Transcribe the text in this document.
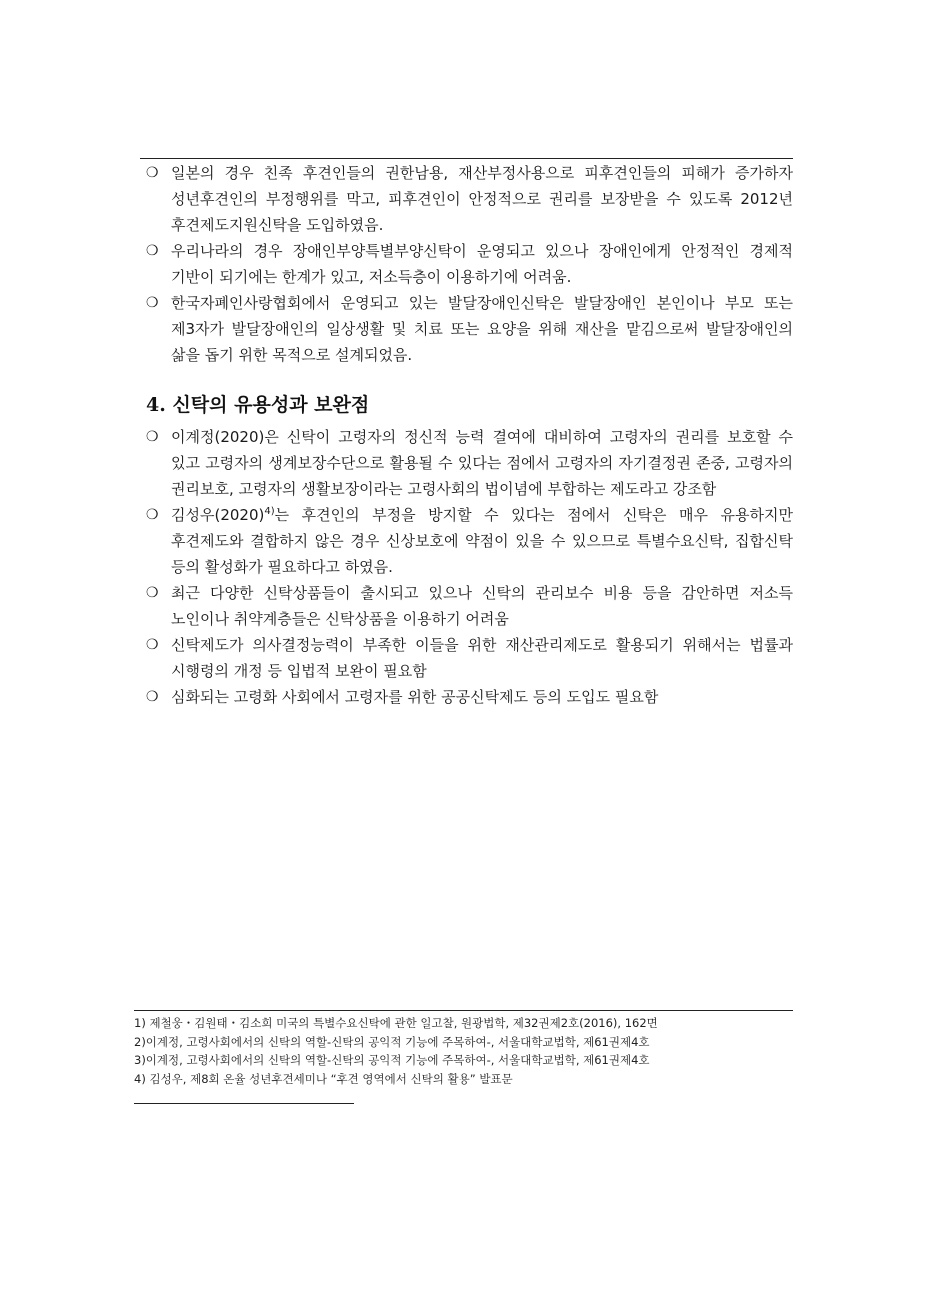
❍ 일본의 경우 친족 후견인들의 권한남용, 재산부정사용으로 피후견인들의 피해가 증가하자 성년후견인의 부정행위를 막고, 피후견인이 안정적으로 권리를 보장받을 수 있도록 2012년 후견제도지원신탁을 도입하였음.
❍ 우리나라의 경우 장애인부양특별부양신탁이 운영되고 있으나 장애인에게 안정적인 경제적 기반이 되기에는 한계가 있고, 저소득층이 이용하기에 어려움.
❍ 한국자폐인사랑협회에서 운영되고 있는 발달장애인신탁은 발달장애인 본인이나 부모 또는 제3자가 발달장애인의 일상생활 및 치료 또는 요양을 위해 재산을 맡김으로써 발달장애인의 삶을 돕기 위한 목적으로 설계되었음.
4. 신탁의 유용성과 보완점
❍ 이계정(2020)은 신탁이 고령자의 정신적 능력 결여에 대비하여 고령자의 권리를 보호할 수 있고 고령자의 생계보장수단으로 활용될 수 있다는 점에서 고령자의 자기결정권 존중, 고령자의 권리보호, 고령자의 생활보장이라는 고령사회의 법이념에 부합하는 제도라고 강조함
❍ 김성우$(2020)^{4)}$는 후견인의 부정을 방지할 수 있다는 점에서 신탁은 매우 유용하지만 후견제도와 결합하지 않은 경우 신상보호에 약점이 있을 수 있으므로 특별수요신탁, 집합신탁 등의 활성화가 필요하다고 하였음.
❍ 최근 다양한 신탁상품들이 출시되고 있으나 신탁의 관리보수 비용 등을 감안하면 저소득 노인이나 취약계층들은 신탁상품을 이용하기 어려움
❍ 신탁제도가 의사결정능력이 부족한 이들을 위한 재산관리제도로 활용되기 위해서는 법률과 시행령의 개정 등 입법적 보완이 필요함
❍ 심화되는 고령화 사회에서 고령자를 위한 공공신탁제도 등의 도입도 필요함
1) 제철웅・김원태・김소희 미국의 특별수요신탁에 관한 일고찰, 원광법학, 제32권제2호(2016), 162면
2)이계정, 고령사회에서의 신탁의 역할-신탁의 공익적 기능에 주목하여-, 서울대학교법학, 제61권제4호
3)이계정, 고령사회에서의 신탁의 역할-신탁의 공익적 기능에 주목하여-, 서울대학교법학, 제61권제4호
4) 김성우, 제8회 온율 성년후견세미나 “후견 영역에서 신탁의 활용” 발표문
